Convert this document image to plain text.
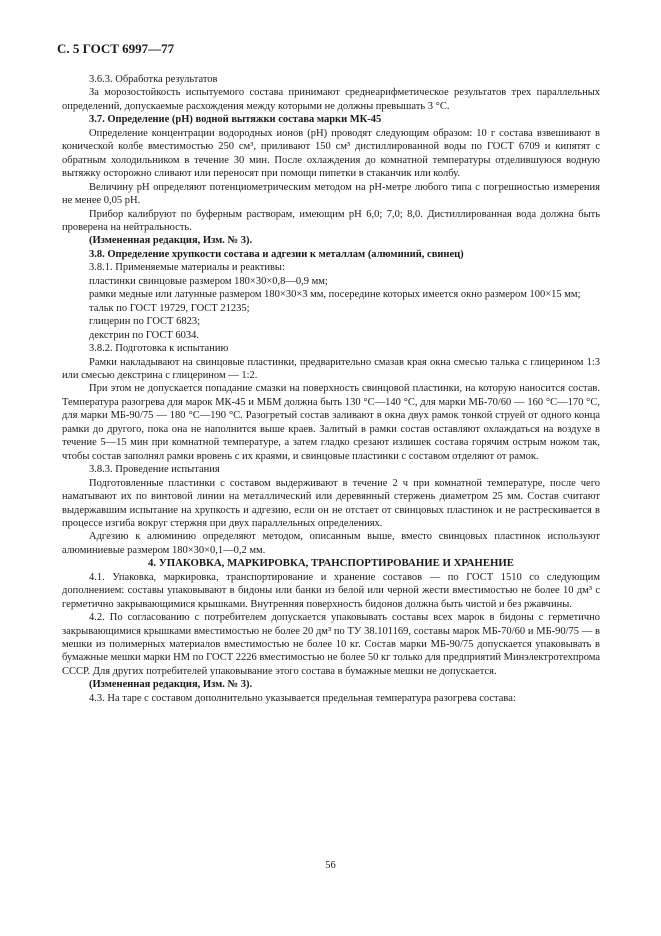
С. 5 ГОСТ 6997—77

3.6.3. Обработка результатов

За морозостойкость испытуемого состава принимают среднеарифметическое результатов трех параллельных определений, допускаемые расхождения между которыми не должны превышать 3 °С.

3.7. Определение (pH) водной вытяжки состава марки МК-45

Определение концентрации водородных ионов (pH) проводят следующим образом: 10 г состава взвешивают в конической колбе вместимостью 250 см³, приливают 150 см³ дистиллированной воды по ГОСТ 6709 и кипятят с обратным холодильником в течение 30 мин. После охлаждения до комнатной температуры отделившуюся водную вытяжку осторожно сливают или переносят при помощи пипетки в стаканчик или колбу.

Величину pH определяют потенциометрическим методом на pH-метре любого типа с погрешностью измерения не менее 0,05 pH.

Прибор калибруют по буферным растворам, имеющим pH 6,0; 7,0; 8,0. Дистиллированная вода должна быть проверена на нейтральность.

(Измененная редакция, Изм. № 3).

3.8. Определение хрупкости состава и адгезии к металлам (алюминий, свинец)

3.8.1. Применяемые материалы и реактивы:

пластинки свинцовые размером 180×30×0,8—0,9 мм;

рамки медные или латунные размером 180×30×3 мм, посередине которых имеется окно размером 100×15 мм;

тальк по ГОСТ 19729, ГОСТ 21235;

глицерин по ГОСТ 6823;

декстрин по ГОСТ 6034.

3.8.2. Подготовка к испытанию

Рамки накладывают на свинцовые пластинки, предварительно смазав края окна смесью талька с глицерином 1:3 или смесью декстрина с глицерином — 1:2.

При этом не допускается попадание смазки на поверхность свинцовой пластинки, на которую наносится состав. Температура разогрева для марок МК-45 и МБМ должна быть 130 °С—140 °С, для марки МБ-70/60 — 160 °С—170 °С, для марки МБ-90/75 — 180 °С—190 °С. Разогретый состав заливают в окна двух рамок тонкой струей от одного конца рамки до другого, пока она не наполнится выше краев. Залитый в рамки состав оставляют охлаждаться на воздухе в течение 5—15 мин при комнатной температуре, а затем гладко срезают излишек состава горячим острым ножом так, чтобы состав заполнял рамки вровень с их краями, и свинцовые пластинки с составом отделяют от рамок.

3.8.3. Проведение испытания

Подготовленные пластинки с составом выдерживают в течение 2 ч при комнатной температуре, после чего наматывают их по винтовой линии на металлический или деревянный стержень диаметром 25 мм. Состав считают выдержавшим испытание на хрупкость и адгезию, если он не отстает от свинцовых пластинок и не растрескивается в процессе изгиба вокруг стержня при двух параллельных определениях.

Адгезию к алюминию определяют методом, описанным выше, вместо свинцовых пластинок используют алюминиевые размером 180×30×0,1—0,2 мм.

4. УПАКОВКА, МАРКИРОВКА, ТРАНСПОРТИРОВАНИЕ И ХРАНЕНИЕ

4.1. Упаковка, маркировка, транспортирование и хранение составов — по ГОСТ 1510 со следующим дополнением: составы упаковывают в бидоны или банки из белой или черной жести вместимостью не более 10 дм³ с герметично закрывающимися крышками. Внутренняя поверхность бидонов должна быть чистой и без ржавчины.

4.2. По согласованию с потребителем допускается упаковывать составы всех марок в бидоны с герметично закрывающимися крышками вместимостью не более 20 дм³ по ТУ 38.101169, составы марок МБ-70/60 и МБ-90/75 — в мешки из полимерных материалов вместимостью не более 10 кг. Состав марки МБ-90/75 допускается упаковывать в бумажные мешки марки НМ по ГОСТ 2226 вместимостью не более 50 кг только для предприятий Минэлектротехпрома СССР. Для других потребителей упаковывание этого состава в бумажные мешки не допускается.

(Измененная редакция, Изм. № 3).

4.3. На таре с составом дополнительно указывается предельная температура разогрева состава:

56
